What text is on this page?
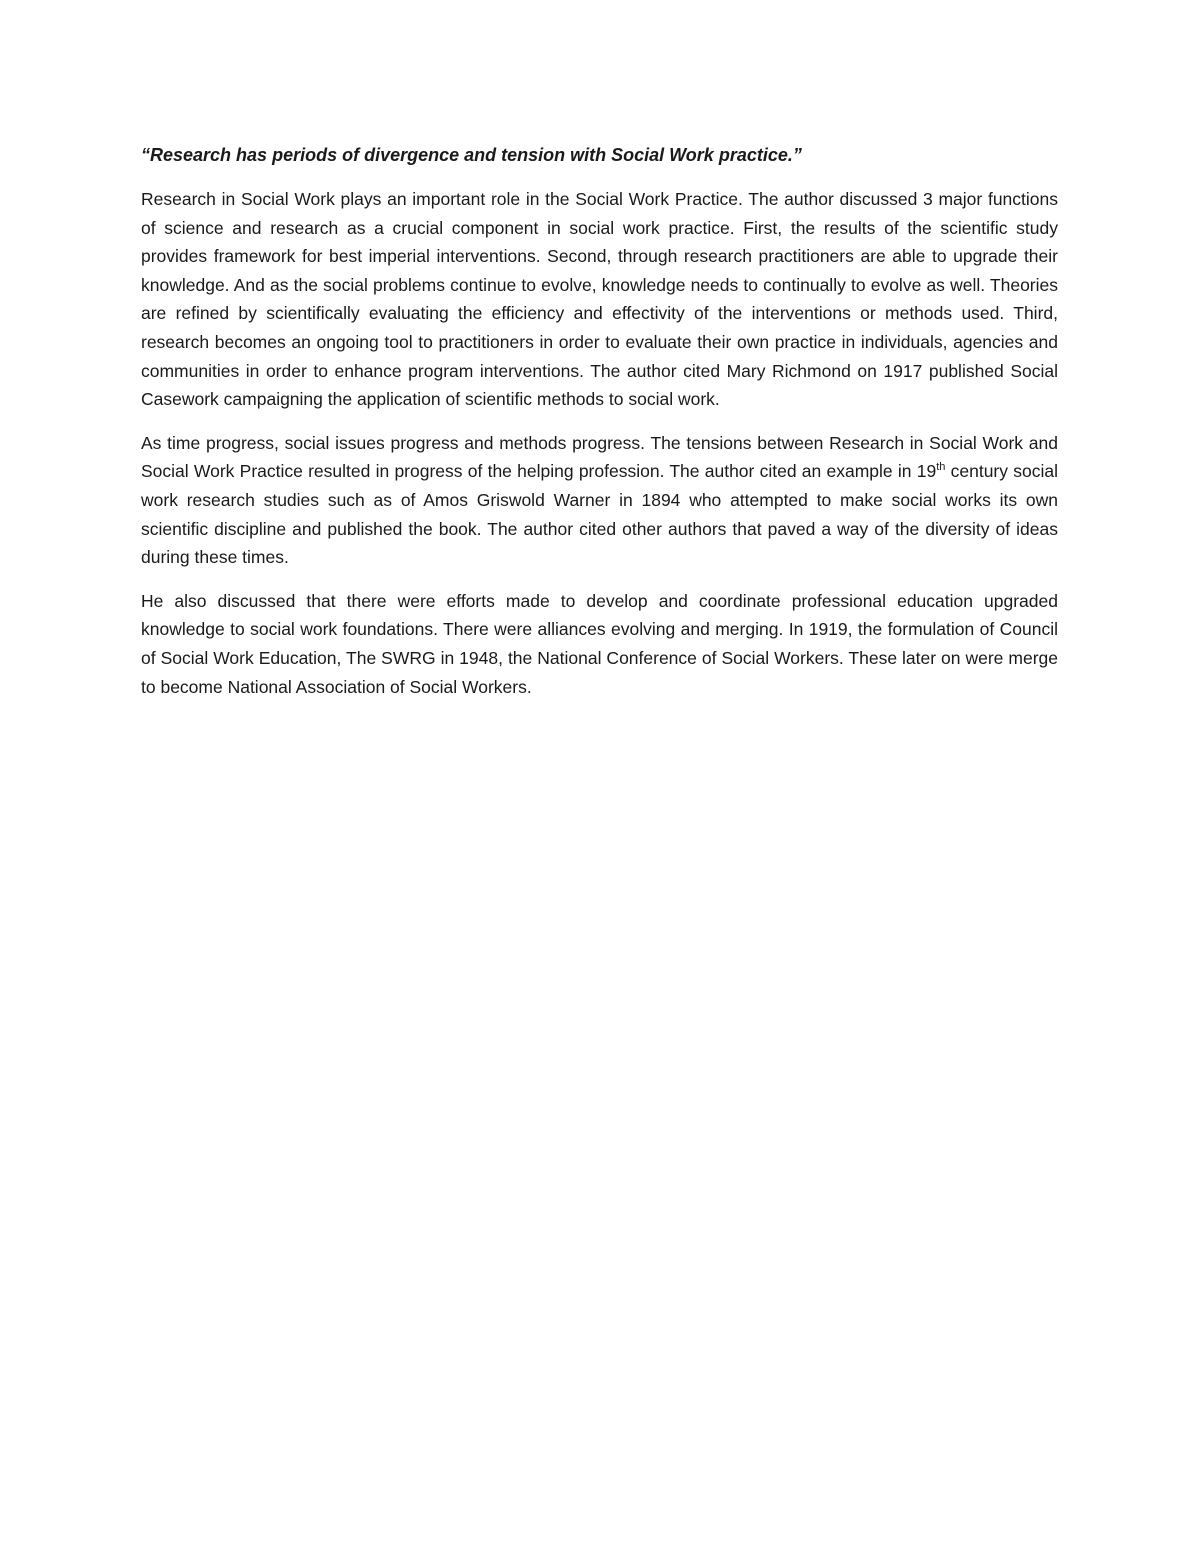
“Research has periods of divergence and tension with Social Work practice.”

Research in Social Work plays an important role in the Social Work Practice. The author discussed 3 major functions of science and research as a crucial component in social work practice. First, the results of the scientific study provides framework for best imperial interventions. Second, through research practitioners are able to upgrade their knowledge. And as the social problems continue to evolve, knowledge needs to continually to evolve as well. Theories are refined by scientifically evaluating the efficiency and effectivity of the interventions or methods used. Third, research becomes an ongoing tool to practitioners in order to evaluate their own practice in individuals, agencies and communities in order to enhance program interventions. The author cited Mary Richmond on 1917 published Social Casework campaigning the application of scientific methods to social work.

As time progress, social issues progress and methods progress. The tensions between Research in Social Work and Social Work Practice resulted in progress of the helping profession. The author cited an example in 19th century social work research studies such as of Amos Griswold Warner in 1894 who attempted to make social works its own scientific discipline and published the book. The author cited other authors that paved a way of the diversity of ideas during these times.

He also discussed that there were efforts made to develop and coordinate professional education upgraded knowledge to social work foundations. There were alliances evolving and merging. In 1919, the formulation of Council of Social Work Education, The SWRG in 1948, the National Conference of Social Workers. These later on were merge to become National Association of Social Workers.
